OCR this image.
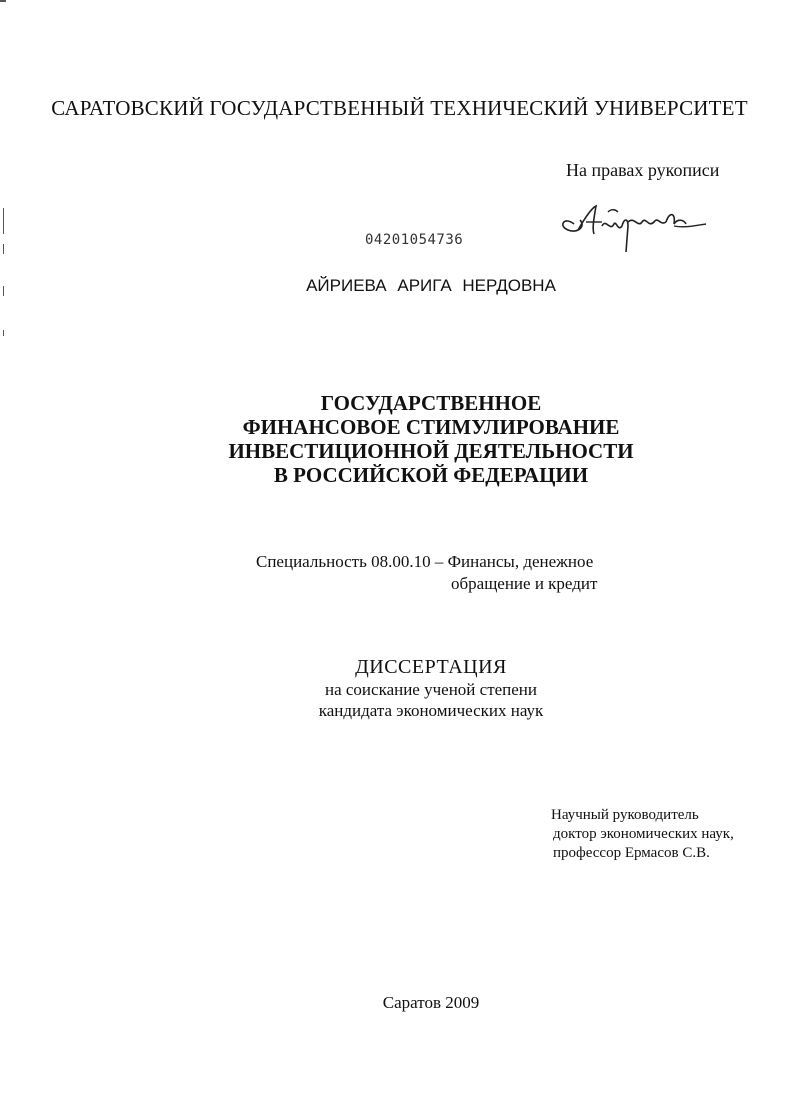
САРАТОВСКИЙ ГОСУДАРСТВЕННЫЙ ТЕХНИЧЕСКИЙ УНИВЕРСИТЕТ
На правах рукописи
04201054736
АЙРИЕВА АРИГА НЕРДОВНА
ГОСУДАРСТВЕННОЕ
ФИНАНСОВОЕ СТИМУЛИРОВАНИЕ
ИНВЕСТИЦИОННОЙ ДЕЯТЕЛЬНОСТИ
В РОССИЙСКОЙ ФЕДЕРАЦИИ
Специальность 08.00.10 – Финансы, денежное
обращение и кредит
ДИССЕРТАЦИЯ
на соискание ученой степени
кандидата экономических наук
Научный руководитель
доктор экономических наук,
профессор Ермасов С.В.
Саратов 2009
